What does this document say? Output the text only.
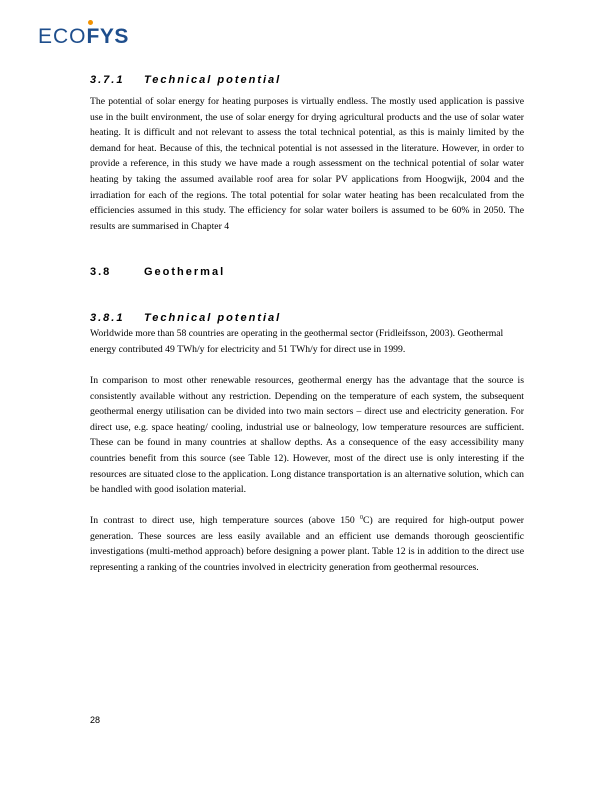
ECO
FYS
3.7.1 Technical potential

The potential of solar energy for heating purposes is virtually endless. The mostly used application is passive use in the built environment, the use of solar energy for drying agricultural products and the use of solar water heating. It is difficult and not relevant to assess the total technical potential, as this is mainly limited by the demand for heat. Because of this, the technical potential is not assessed in the literature. However, in order to provide a reference, in this study we have made a rough assessment on the technical potential of solar water heating by taking the assumed available roof area for solar PV applications from Hoogwijk, 2004 and the irradiation for each of the regions. The total potential for solar water heating has been recalculated from the efficiencies assumed in this study. The efficiency for solar water boilers is assumed to be 60% in 2050. The results are summarised in Chapter 4

3.8	Geothermal
3.8.1 Technical potential

Worldwide more than 58 countries are operating in the geothermal sector (Fridleifsson, 2003). Geothermal energy contributed 49 TWh/y for electricity and 51 TWh/y for direct use in 1999.

In comparison to most other renewable resources, geothermal energy has the advantage that the source is consistently available without any restriction. Depending on the temperature of each system, the subsequent geothermal energy utilisation can be divided into two main sectors – direct use and electricity generation. For direct use, e.g. space heating/ cooling, industrial use or balneology, low temperature resources are sufficient. These can be found in many countries at shallow depths. As a consequence of the easy accessibility many countries benefit from this source (see Table 12). However, most of the direct use is only interesting if the resources are situated close to the application. Long distance transportation is an alternative solution, which can be handled with good isolation material.

In contrast to direct use, high temperature sources (above 150 $^0$C) are required for high-output power generation. These sources are less easily available and an efficient use demands thorough geoscientific investigations (multi-method approach) before designing a power plant. Table 12 is in addition to the direct use representing a ranking of the countries involved in electricity generation from geothermal resources.

28
